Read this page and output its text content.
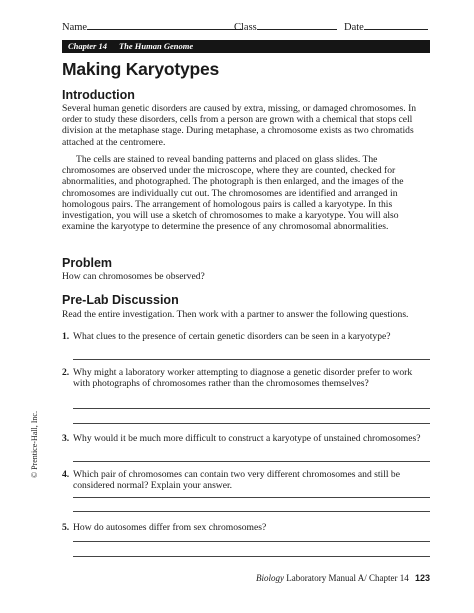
Name	Class	Date
Chapter 14 The Human Genome
Making Karyotypes
Introduction

Several human genetic disorders are caused by extra, missing, or damaged chromosomes. In order to study these disorders, cells from a person are grown with a chemical that stops cell division at the metaphase stage. During metaphase, a chromosome exists as two chromatids attached at the centromere.

The cells are stained to reveal banding patterns and placed on glass slides. The chromosomes are observed under the microscope, where they are counted, checked for abnormalities, and photographed. The photograph is then enlarged, and the images of the chromosomes are individually cut out. The chromosomes are identified and arranged in homologous pairs. The arrangement of homologous pairs is called a karyotype. In this investigation, you will use a sketch of chromosomes to make a karyotype. You will also examine the karyotype to determine the presence of any chromosomal abnormalities.

Problem

How can chromosomes be observed?

Pre-Lab Discussion

Read the entire investigation. Then work with a partner to answer the following questions.

1. What clues to the presence of certain genetic disorders can be seen in a karyotype?
2. Why might a laboratory worker attempting to diagnose a genetic disorder prefer to work with photographs of chromosomes rather than the chromosomes themselves?
3. Why would it be much more difficult to construct a karyotype of unstained chromosomes?
4. Which pair of chromosomes can contain two very different chromosomes and still be considered normal? Explain your answer.
5. How do autosomes differ from sex chromosomes?
© Prentice-Hall, Inc.
Biology Laboratory Manual A/ Chapter 14 123
